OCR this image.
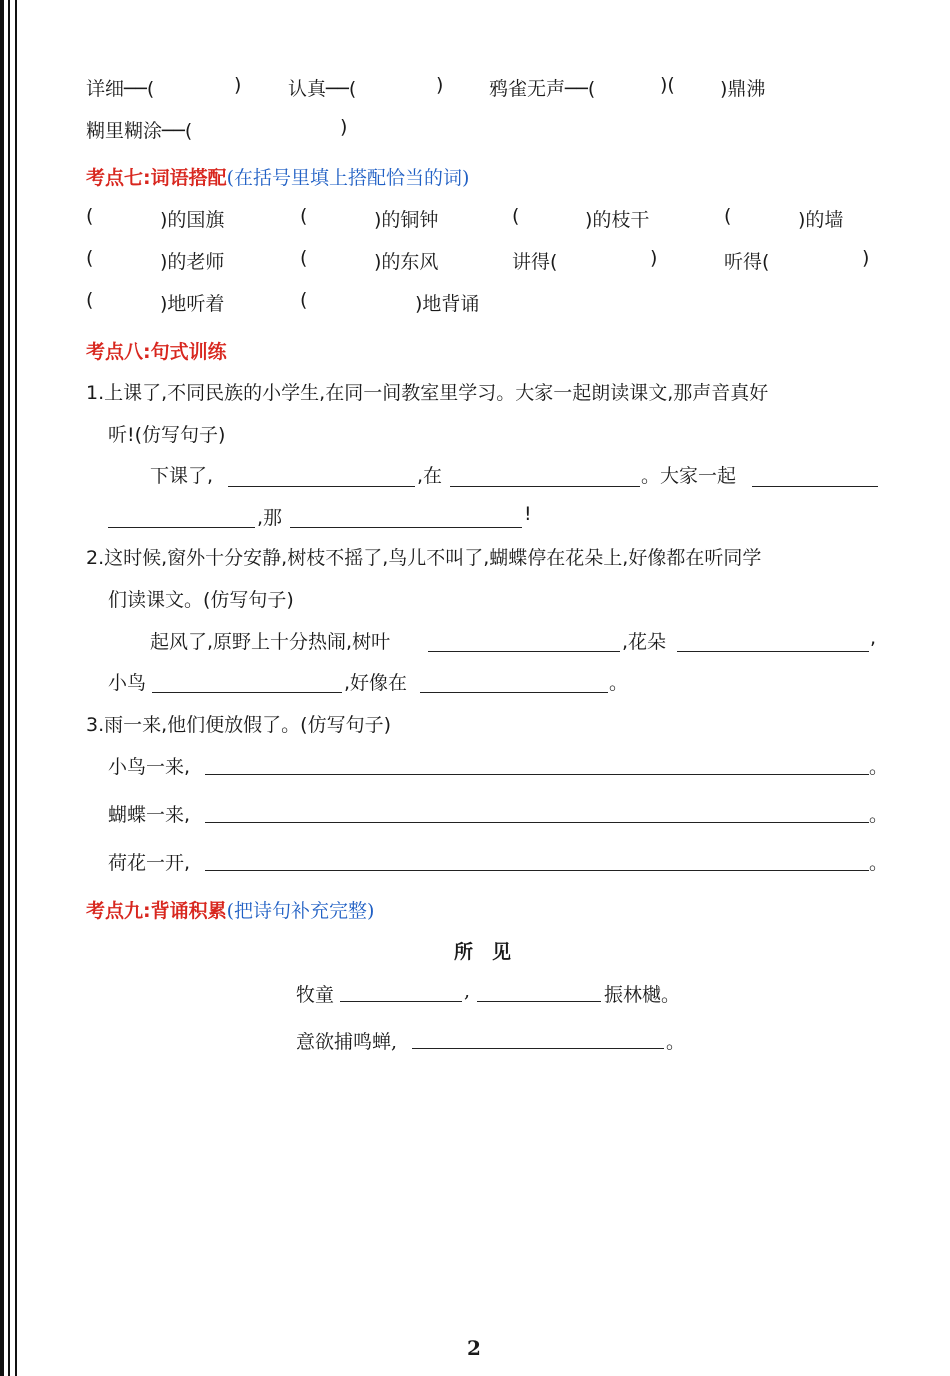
详细──(	) 认真──(	) 鸦雀无声──(	)( )鼎沸
糊里糊涂──(	)
考点七:词语搭配(在括号里填上搭配恰当的词)
(	)的国旗	(	)的铜钟	(	)的枝干	(	)的墙
(	)的老师	(	)的东风	讲得(	)	听得(	)
(	)地听着	(	)地背诵
考点八:句式训练
1.上课了,不同民族的小学生,在同一间教室里学习。大家一起朗读课文,那声音真好
听!(仿写句子)
下课了,	,在	。大家一起
,那	!
2.这时候,窗外十分安静,树枝不摇了,鸟儿不叫了,蝴蝶停在花朵上,好像都在听同学
们读课文。(仿写句子)
起风了,原野上十分热闹,树叶	,花朵	,
小鸟	,好像在	。
3.雨一来,他们便放假了。(仿写句子)
小鸟一来,	。
蝴蝶一来,	。
荷花一开,	。
考点九:背诵积累(把诗句补充完整)
所　见
牧童	,	振林樾。
意欲捕鸣蝉,	。
2
